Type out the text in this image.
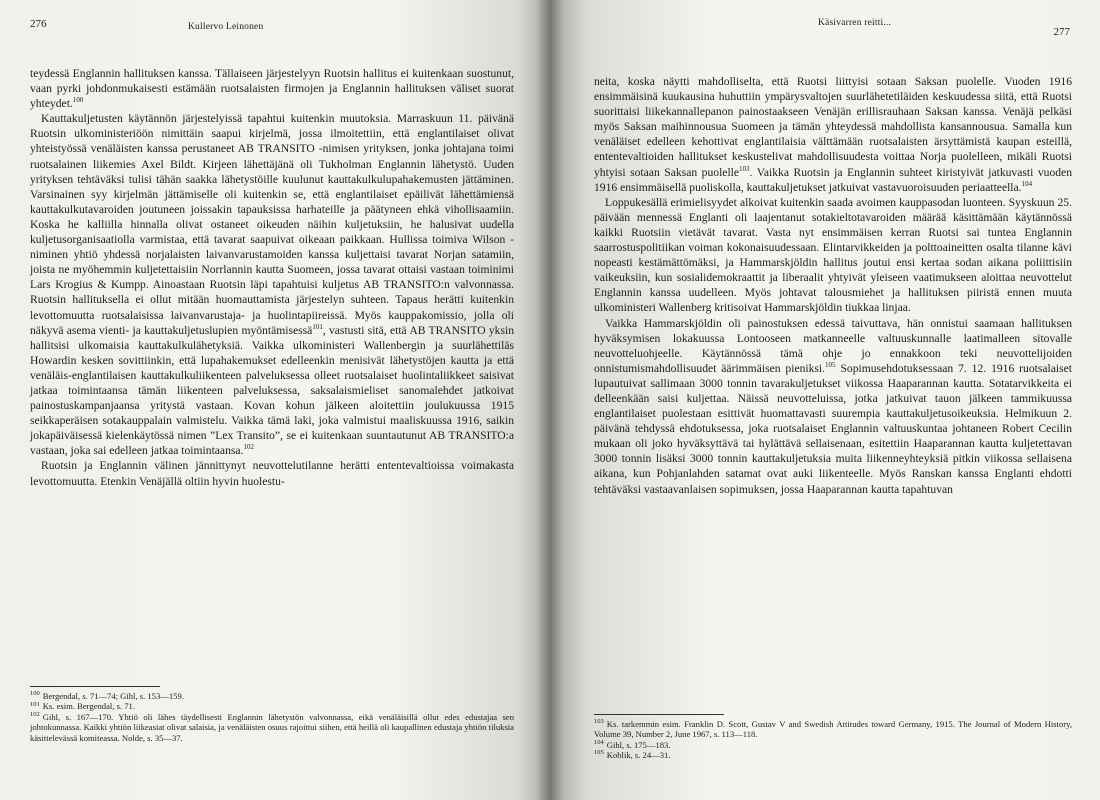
276	Kullervo Leinonen

teydessä Englannin hallituksen kanssa. Tällaiseen järjestelyyn Ruotsin hallitus ei kuitenkaan suostunut, vaan pyrki johdonmukaisesti estämään ruotsalaisten firmojen ja Englannin hallituksen väliset suorat yhteydet.$^{100}$

Kauttakuljetusten käytännön järjestelyissä tapahtui kuitenkin muutoksia. Marraskuun 11. päivänä Ruotsin ulkoministeriöön nimittäin saapui kirjelmä, jossa ilmoitettiin, että englantilaiset olivat yhteistyössä venäläisten kanssa perustaneet AB TRANSITO -nimisen yrityksen, jonka johtajana toimi ruotsalainen liikemies Axel Bildt. Kirjeen lähettäjänä oli Tukholman Englannin lähetystö. Uuden yrityksen tehtäväksi tulisi tähän saakka lähetystöille kuulunut kauttakulkulupahakemusten jättäminen. Varsinainen syy kirjelmän jättämiselle oli kuitenkin se, että englantilaiset epäilivät lähettämiensä kauttakulkutavaroiden joutuneen joissakin tapauksissa harhateille ja päätyneen ehkä vihollisaamiin. Koska he kalliilla hinnalla olivat ostaneet oikeuden näihin kuljetuksiin, he halusivat uudella kuljetusorganisaatiolla varmistaa, että tavarat saapuivat oikeaan paikkaan. Hullissa toimiva Wilson -niminen yhtiö yhdessä norjalaisten laivanvarustamoiden kanssa kuljettaisi tavarat Norjan satamiin, joista ne myöhemmin kuljetettaisiin Norrlannin kautta Suomeen, jossa tavarat ottaisi vastaan toiminimi Lars Krogius & Kumpp. Ainoastaan Ruotsin läpi tapahtuisi kuljetus AB TRANSITO:n valvonnassa. Ruotsin hallituksella ei ollut mitään huomauttamista järjestelyn suhteen. Tapaus herätti kuitenkin levottomuutta ruotsalaisissa laivanvarustaja- ja huolintapiireissä. Myös kauppakomissio, jolla oli näkyvä asema vienti- ja kauttakuljetuslupien myöntämisessä$^{101}$, vastusti sitä, että AB TRANSITO yksin hallitsisi ulkomaisia kauttakulkulähetyksiä. Vaikka ulkoministeri Wallenbergin ja suurlähettiläs Howardin kesken sovittiinkin, että lupahakemukset edelleenkin menisivät lähetystöjen kautta ja että venäläis-englantilaisen kauttakulkuliikenteen palveluksessa olleet ruotsalaiset huolintaliikkeet saisivat jatkaa toimintaansa tämän liikenteen palveluksessa, saksalaismieliset sanomalehdet jatkoivat painostuskampanjaansa yritystä vastaan. Kovan kohun jälkeen aloitettiin joulukuussa 1915 seikkaperäisen sotakauppalain valmistelu. Vaikka tämä laki, joka valmistui maaliskuussa 1916, saikin jokapäiväisessä kielenkäytössä nimen ”Lex Transito”, se ei kuitenkaan suuntautunut AB TRANSITO:a vastaan, joka sai edelleen jatkaa toimintaansa.$^{102}$

Ruotsin ja Englannin välinen jännittynyt neuvottelutilanne herätti ententevaltioissa voimakasta levottomuutta. Etenkin Venäjällä oltiin hyvin huolestu-

$^{100}$ Bergendal, s. 71—74; Gihl, s. 153—159.

$^{101}$ Ks. esim. Bergendal, s. 71.

$^{102}$ Gihl, s. 167—170. Yhtiö oli lähes täydellisesti Englannin lähetystön valvonnassa, eikä venäläisillä ollut edes edustajaa sen johtokunnassa. Kaikki yhtiön liikeasiat olivat salaisia, ja venäläisten osuus rajoittui siihen, että heillä oli kaupallinen edustaja yhtiön tiluksia käsittelevässä komiteassa. Nolde, s. 35—37.

Käsivarren reitti...
277

neita, koska näytti mahdolliselta, että Ruotsi liittyisi sotaan Saksan puolelle. Vuoden 1916 ensimmäisinä kuukausina huhuttiin ympärysvaltojen suurlähetetiläiden keskuudessa siitä, että Ruotsi suorittaisi liikekannallepanon painostaakseen Venäjän erillisrauhaan Saksan kanssa. Venäjä pelkäsi myös Saksan maihinnousua Suomeen ja tämän yhteydessä mahdollista kansannousua. Samalla kun venäläiset edelleen kehottivat englantilaisia välttämään ruotsalaisten ärsyttämistä kaupan esteillä, ententevaltioiden hallitukset keskustelivat mahdollisuudesta voittaa Norja puolelleen, mikäli Ruotsi yhtyisi sotaan Saksan puolelle$^{103}$. Vaikka Ruotsin ja Englannin suhteet kiristyivät jatkuvasti vuoden 1916 ensimmäisellä puoliskolla, kauttakuljetukset jatkuivat vastavuoroisuuden periaatteella.$^{104}$

Loppukesällä erimielisyydet alkoivat kuitenkin saada avoimen kauppasodan luonteen. Syyskuun 25. päivään mennessä Englanti oli laajentanut sotakieltotavaroiden määrää käsittämään käytännössä kaikki Ruotsiin vietävät tavarat. Vasta nyt ensimmäisen kerran Ruotsi sai tuntea Englannin saarrostuspolitiikan voiman kokonaisuudessaan. Elintarvikkeiden ja polttoaineitten osalta tilanne kävi nopeasti kestämättömäksi, ja Hammarskjöldin hallitus joutui ensi kertaa sodan aikana poliittisiin vaikeuksiin, kun sosialidemokraattit ja liberaalit yhtyivät yleiseen vaatimukseen aloittaa neuvottelut Englannin kanssa uudelleen. Myös johtavat talousmiehet ja hallituksen piiristä ennen muuta ulkoministeri Wallenberg kritisoivat Hammarskjöldin tiukkaa linjaa.

Vaikka Hammarskjöldin oli painostuksen edessä taivuttava, hän onnistui saamaan hallituksen hyväksymisen lokakuussa Lontooseen matkanneelle valtuuskunnalle laatimalleen sitovalle neuvotteluohjeelle. Käytännössä tämä ohje jo ennakkoon teki neuvottelijoiden onnistumismahdollisuudet äärimmäisen pieniksi.$^{105}$ Sopimusehdotuksessaan 7. 12. 1916 ruotsalaiset lupautuivat sallimaan 3000 tonnin tavarakuljetukset viikossa Haaparannan kautta. Sotatarvikkeita ei delleenkään saisi kuljettaa. Näissä neuvotteluissa, jotka jatkuivat tauon jälkeen tammikuussa englantilaiset puolestaan esittivät huomattavasti suurempia kauttakuljetusoikeuksia. Helmikuun 2. päivänä tehdyssä ehdotuksessa, joka ruotsalaiset Englannin valtuuskuntaa johtaneen Robert Cecilin mukaan oli joko hyväksyttävä tai hylättävä sellaisenaan, esitettiin Haaparannan kautta kuljetettavan 3000 tonnin lisäksi 3000 tonnin kauttakuljetuksia muita liikenneyhteyksiä pitkin viikossa sellaisena aikana, kun Pohjanlahden satamat ovat auki liikenteelle. Myös Ranskan kanssa Englanti ehdotti tehtäväksi vastaavanlaisen sopimuksen, jossa Haaparannan kautta tapahtuvan

$^{103}$ Ks. tarkemmin esim. Franklin D. Scott, Gustav V and Swedish Attitudes toward Germany, 1915. The Journal of Modern History, Volume 39, Number 2, June 1967, s. 113—118.

$^{104}$ Gihl, s. 175—183.

$^{105}$ Koblik, s. 24—31.
